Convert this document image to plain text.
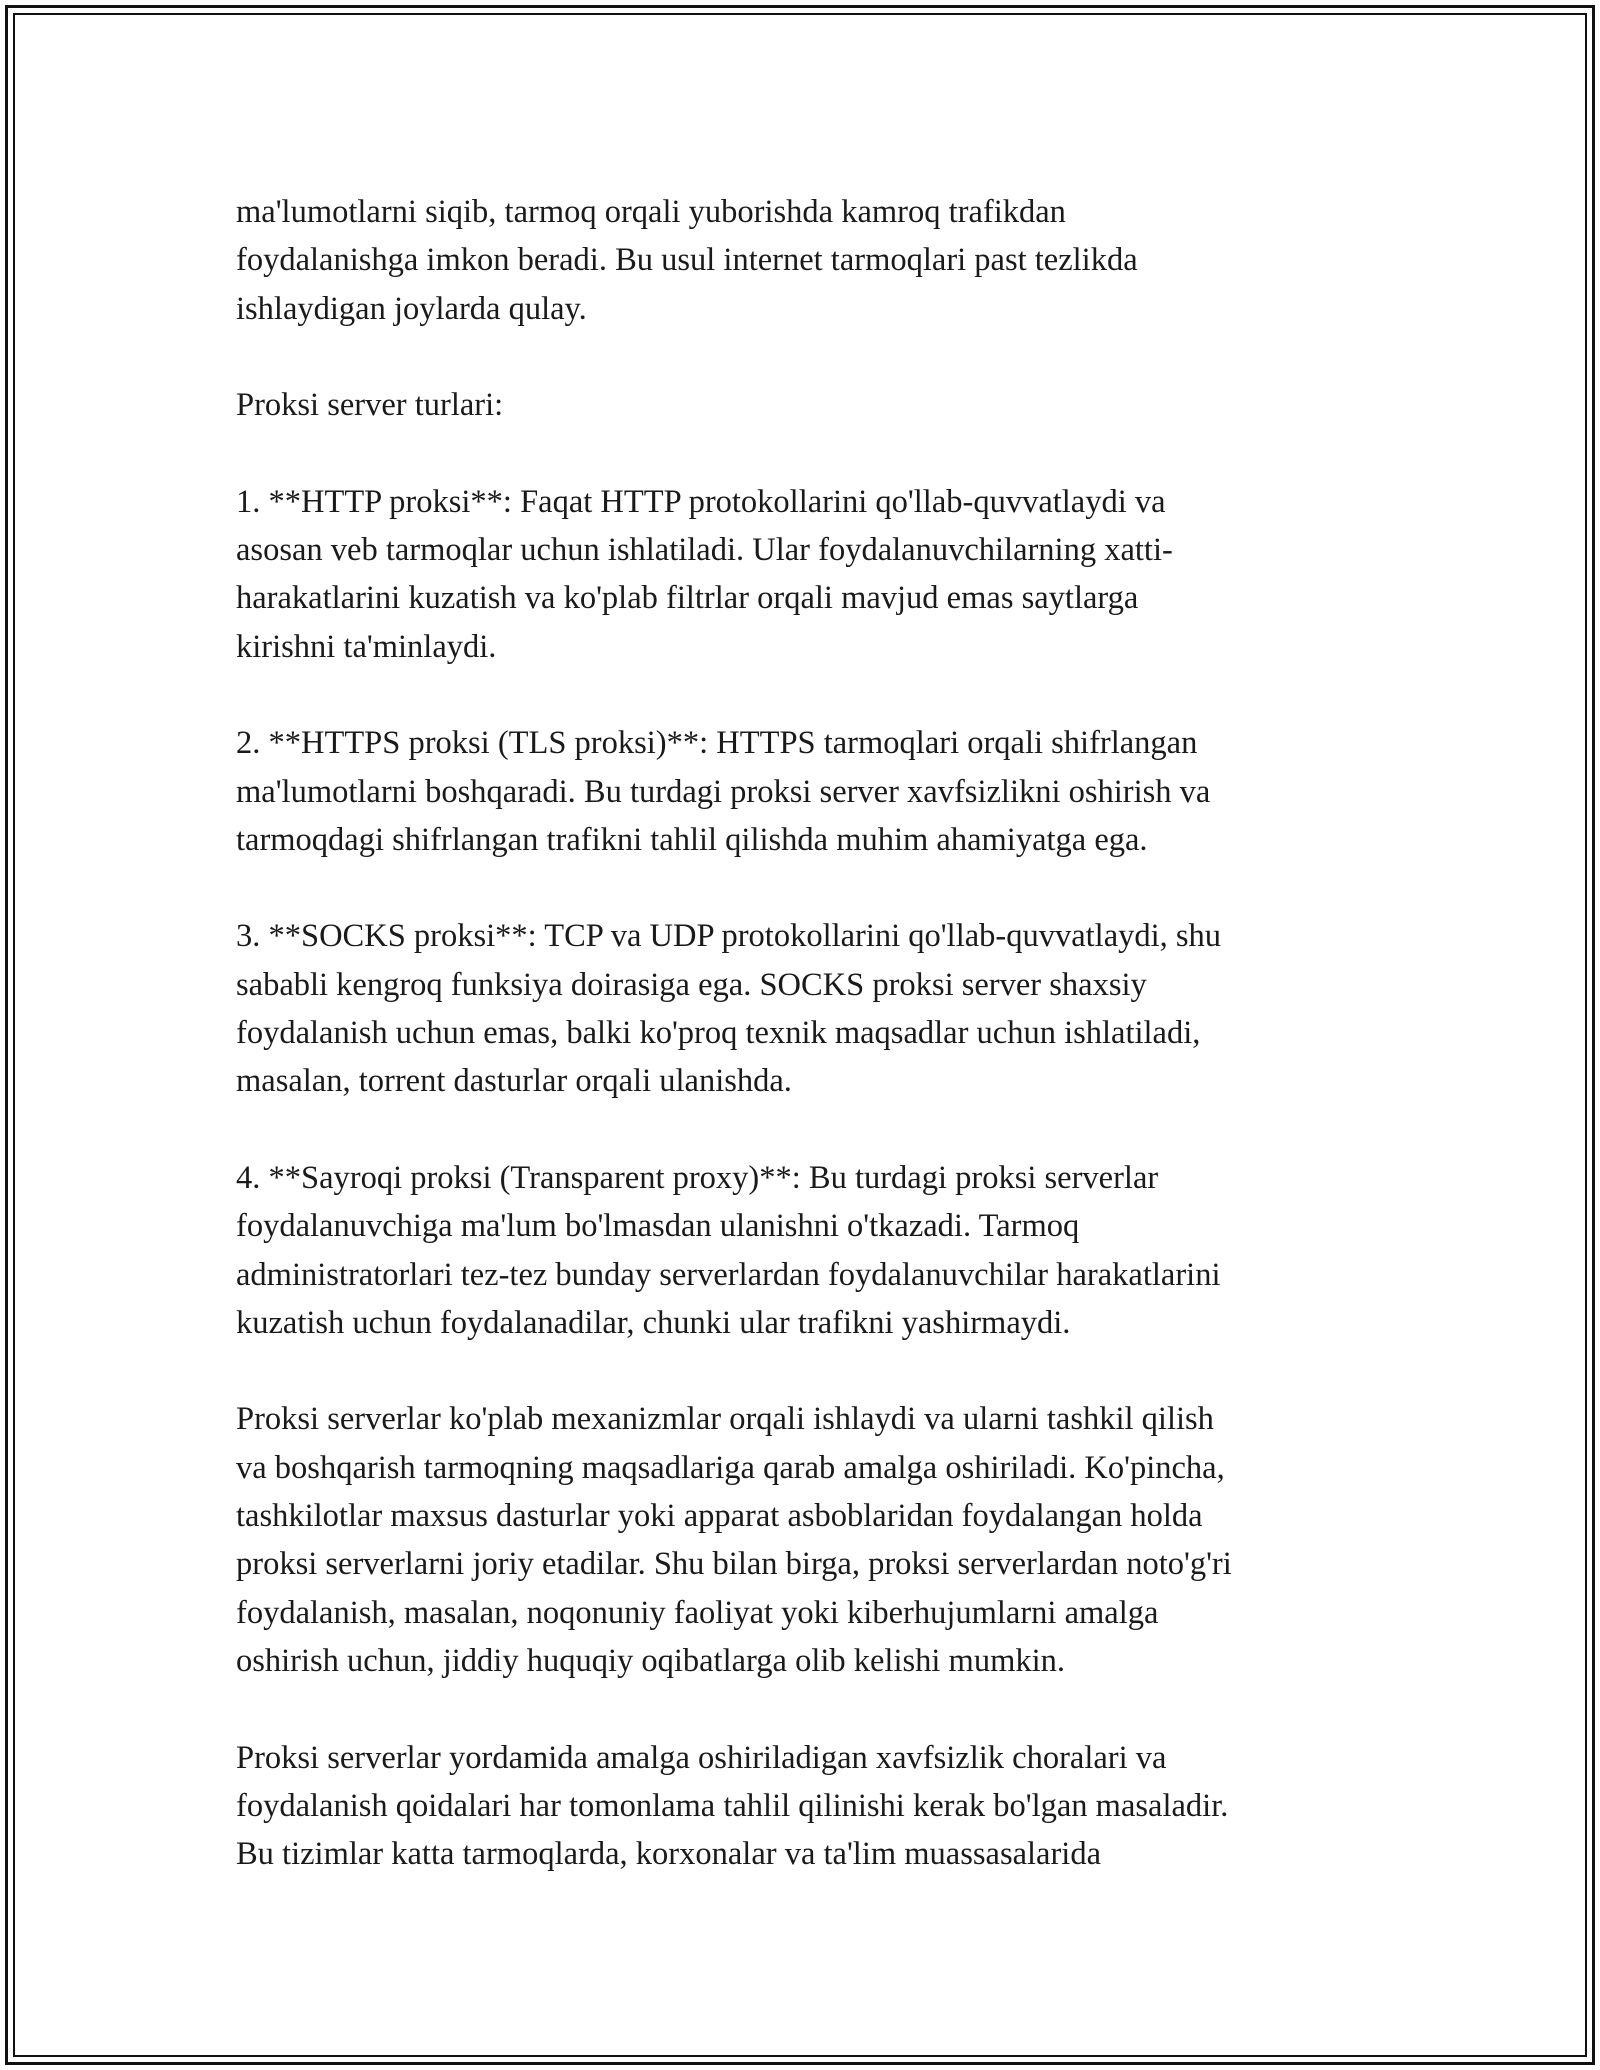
ma'lumotlarni siqib, tarmoq orqali yuborishda kamroq trafikdan
foydalanishga imkon beradi. Bu usul internet tarmoqlari past tezlikda
ishlaydigan joylarda qulay.

Proksi server turlari:

1. **HTTP proksi**: Faqat HTTP protokollarini qo'llab-quvvatlaydi va
asosan veb tarmoqlar uchun ishlatiladi. Ular foydalanuvchilarning xatti-
harakatlarini kuzatish va ko'plab filtrlar orqali mavjud emas saytlarga
kirishni ta'minlaydi.

2. **HTTPS proksi (TLS proksi)**: HTTPS tarmoqlari orqali shifrlangan
ma'lumotlarni boshqaradi. Bu turdagi proksi server xavfsizlikni oshirish va
tarmoqdagi shifrlangan trafikni tahlil qilishda muhim ahamiyatga ega.

3. **SOCKS proksi**: TCP va UDP protokollarini qo'llab-quvvatlaydi, shu
sababli kengroq funksiya doirasiga ega. SOCKS proksi server shaxsiy
foydalanish uchun emas, balki ko'proq texnik maqsadlar uchun ishlatiladi,
masalan, torrent dasturlar orqali ulanishda.

4. **Sayroqi proksi (Transparent proxy)**: Bu turdagi proksi serverlar
foydalanuvchiga ma'lum bo'lmasdan ulanishni o'tkazadi. Tarmoq
administratorlari tez-tez bunday serverlardan foydalanuvchilar harakatlarini
kuzatish uchun foydalanadilar, chunki ular trafikni yashirmaydi.

Proksi serverlar ko'plab mexanizmlar orqali ishlaydi va ularni tashkil qilish
va boshqarish tarmoqning maqsadlariga qarab amalga oshiriladi. Ko'pincha,
tashkilotlar maxsus dasturlar yoki apparat asboblaridan foydalangan holda
proksi serverlarni joriy etadilar. Shu bilan birga, proksi serverlardan noto'g'ri
foydalanish, masalan, noqonuniy faoliyat yoki kiberhujumlarni amalga
oshirish uchun, jiddiy huquqiy oqibatlarga olib kelishi mumkin.

Proksi serverlar yordamida amalga oshiriladigan xavfsizlik choralari va
foydalanish qoidalari har tomonlama tahlil qilinishi kerak bo'lgan masaladir.
Bu tizimlar katta tarmoqlarda, korxonalar va ta'lim muassasalarida
